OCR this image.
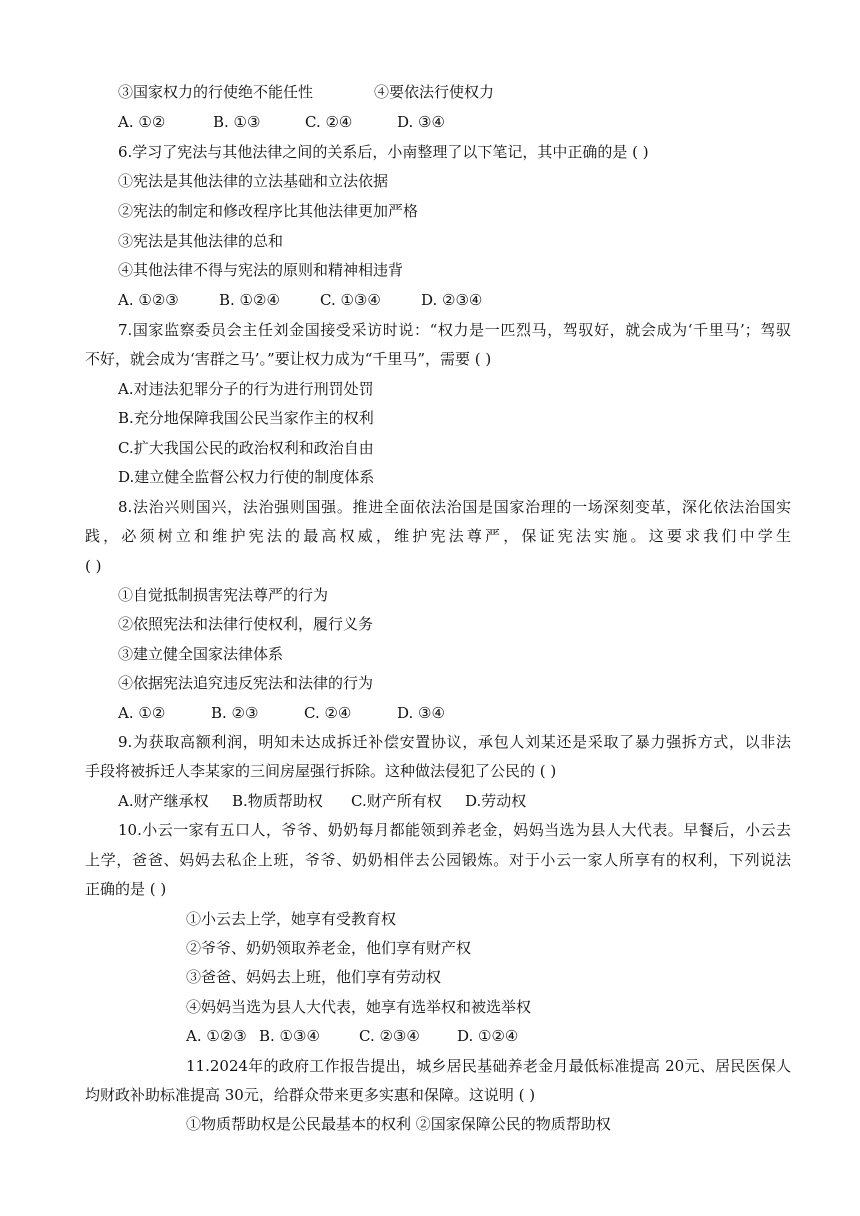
③国家权力的行使绝不能任性	④要依法行使权力
A. ①②	B. ①③	C. ②④	D. ③④
6.学习了宪法与其他法律之间的关系后，小南整理了以下笔记，其中正确的是 ( )
①宪法是其他法律的立法基础和立法依据
②宪法的制定和修改程序比其他法律更加严格
③宪法是其他法律的总和
④其他法律不得与宪法的原则和精神相违背
A. ①②③	B. ①②④	C. ①③④	D. ②③④
7.国家监察委员会主任刘金国接受采访时说：“权力是一匹烈马，驾驭好，就会成为‘千里马’；驾驭
不好，就会成为‘害群之马’。”要让权力成为“千里马”，需要 ( )
A.对违法犯罪分子的行为进行刑罚处罚
B.充分地保障我国公民当家作主的权利
C.扩大我国公民的政治权利和政治自由
D.建立健全监督公权力行使的制度体系
8.法治兴则国兴，法治强则国强。推进全面依法治国是国家治理的一场深刻变革，深化依法治国实
践，必须树立和维护宪法的最高权威，维护宪法尊严，保证宪法实施。这要求我们中学生
( )
①自觉抵制损害宪法尊严的行为
②依照宪法和法律行使权利，履行义务
③建立健全国家法律体系
④依据宪法追究违反宪法和法律的行为
A. ①②	B. ②③	C. ②④	D. ③④
9.为获取高额利润，明知未达成拆迁补偿安置协议，承包人刘某还是采取了暴力强拆方式，以非法
手段将被拆迁人李某家的三间房屋强行拆除。这种做法侵犯了公民的 ( )
A.财产继承权 B.物质帮助权 C.财产所有权 D.劳动权
10.小云一家有五口人，爷爷、奶奶每月都能领到养老金，妈妈当选为县人大代表。早餐后，小云去
上学，爸爸、妈妈去私企上班，爷爷、奶奶相伴去公园锻炼。对于小云一家人所享有的权利，下列说法
正确的是 ( )
①小云去上学，她享有受教育权
②爷爷、奶奶领取养老金，他们享有财产权
③爸爸、妈妈去上班，他们享有劳动权
④妈妈当选为县人大代表，她享有选举权和被选举权
A. ①②③ B. ①③④	C. ②③④ D. ①②④
11.2024年的政府工作报告提出，城乡居民基础养老金月最低标准提高 20元、居民医保人
均财政补助标准提高 30元，给群众带来更多实惠和保障。这说明 ( )
①物质帮助权是公民最基本的权利 ②国家保障公民的物质帮助权
